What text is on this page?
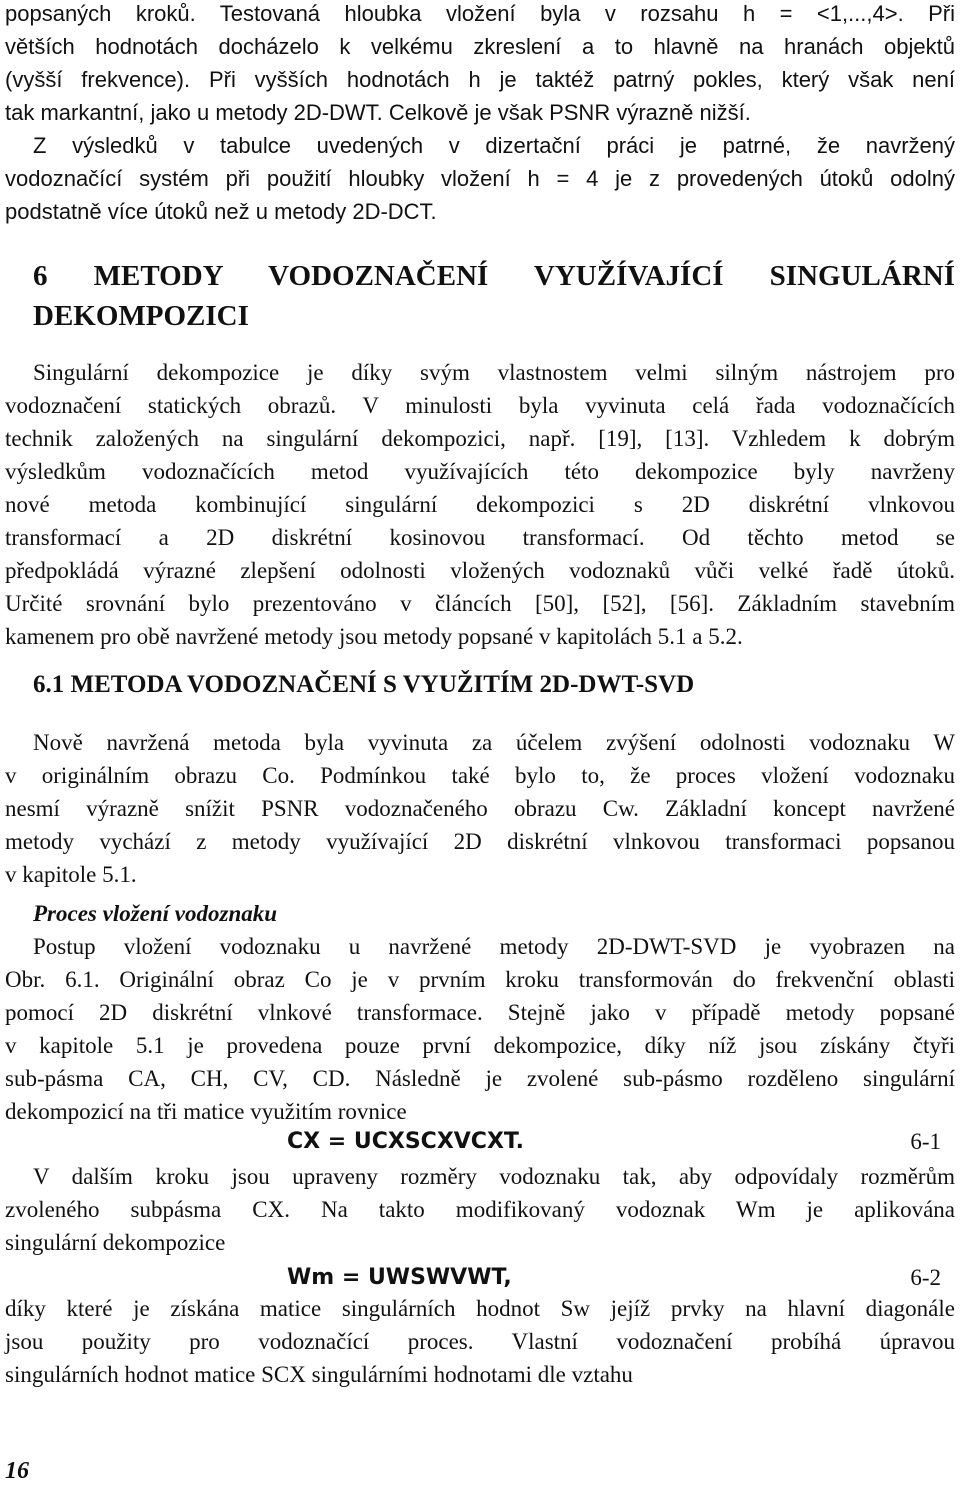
popsaných kroků. Testovaná hloubka vložení byla v rozsahu h = <1,...,4>. Při
větších hodnotách docházelo k velkému zkreslení a to hlavně na hranách objektů
(vyšší frekvence). Při vyšších hodnotách h je taktéž patrný pokles, který však není
tak markantní, jako u metody 2D-DWT. Celkově je však PSNR výrazně nižší.
Z výsledků v tabulce uvedených v dizertační práci je patrné, že navržený
vodoznačící systém při použití hloubky vložení h = 4 je z provedených útoků odolný
podstatně více útoků než u metody 2D-DCT.
6 METODY VODOZNAČENÍ VYUŽÍVAJÍCÍ SINGULÁRNÍ
DEKOMPOZICI
Singulární dekompozice je díky svým vlastnostem velmi silným nástrojem pro
vodoznačení statických obrazů. V minulosti byla vyvinuta celá řada vodoznačících
technik založených na singulární dekompozici, např. [19], [13]. Vzhledem k dobrým
výsledkům vodoznačících metod využívajících této dekompozice byly navrženy
nové metoda kombinující singulární dekompozici s 2D diskrétní vlnkovou
transformací a 2D diskrétní kosinovou transformací. Od těchto metod se
předpokládá výrazné zlepšení odolnosti vložených vodoznaků vůči velké řadě útoků.
Určité srovnání bylo prezentováno v článcích [50], [52], [56]. Základním stavebním
kamenem pro obě navržené metody jsou metody popsané v kapitolách 5.1 a 5.2.
6.1 METODA VODOZNAČENÍ S VYUŽITÍM 2D-DWT-SVD
Nově navržená metoda byla vyvinuta za účelem zvýšení odolnosti vodoznaku W
v originálním obrazu Co. Podmínkou také bylo to, že proces vložení vodoznaku
nesmí výrazně snížit PSNR vodoznačeného obrazu Cw. Základní koncept navržené
metody vychází z metody využívající 2D diskrétní vlnkovou transformaci popsanou
v kapitole 5.1.
Proces vložení vodoznaku
Postup vložení vodoznaku u navržené metody 2D-DWT-SVD je vyobrazen na
Obr. 6.1. Originální obraz Co je v prvním kroku transformován do frekvenční oblasti
pomocí 2D diskrétní vlnkové transformace. Stejně jako v případě metody popsané
v kapitole 5.1 je provedena pouze první dekompozice, díky níž jsou získány čtyři
sub-pásma CA, CH, CV, CD. Následně je zvolené sub-pásmo rozděleno singulární
dekompozicí na tři matice využitím rovnice
CX = UCXSCXVCXT.	6-1
V dalším kroku jsou upraveny rozměry vodoznaku tak, aby odpovídaly rozměrům
zvoleného subpásma CX. Na takto modifikovaný vodoznak Wm je aplikována
singulární dekompozice
Wm = UWSWVWT,	6-2
díky které je získána matice singulárních hodnot Sw jejíž prvky na hlavní diagonále
jsou použity pro vodoznačící proces. Vlastní vodoznačení probíhá úpravou
singulárních hodnot matice SCX singulárními hodnotami dle vztahu
16
